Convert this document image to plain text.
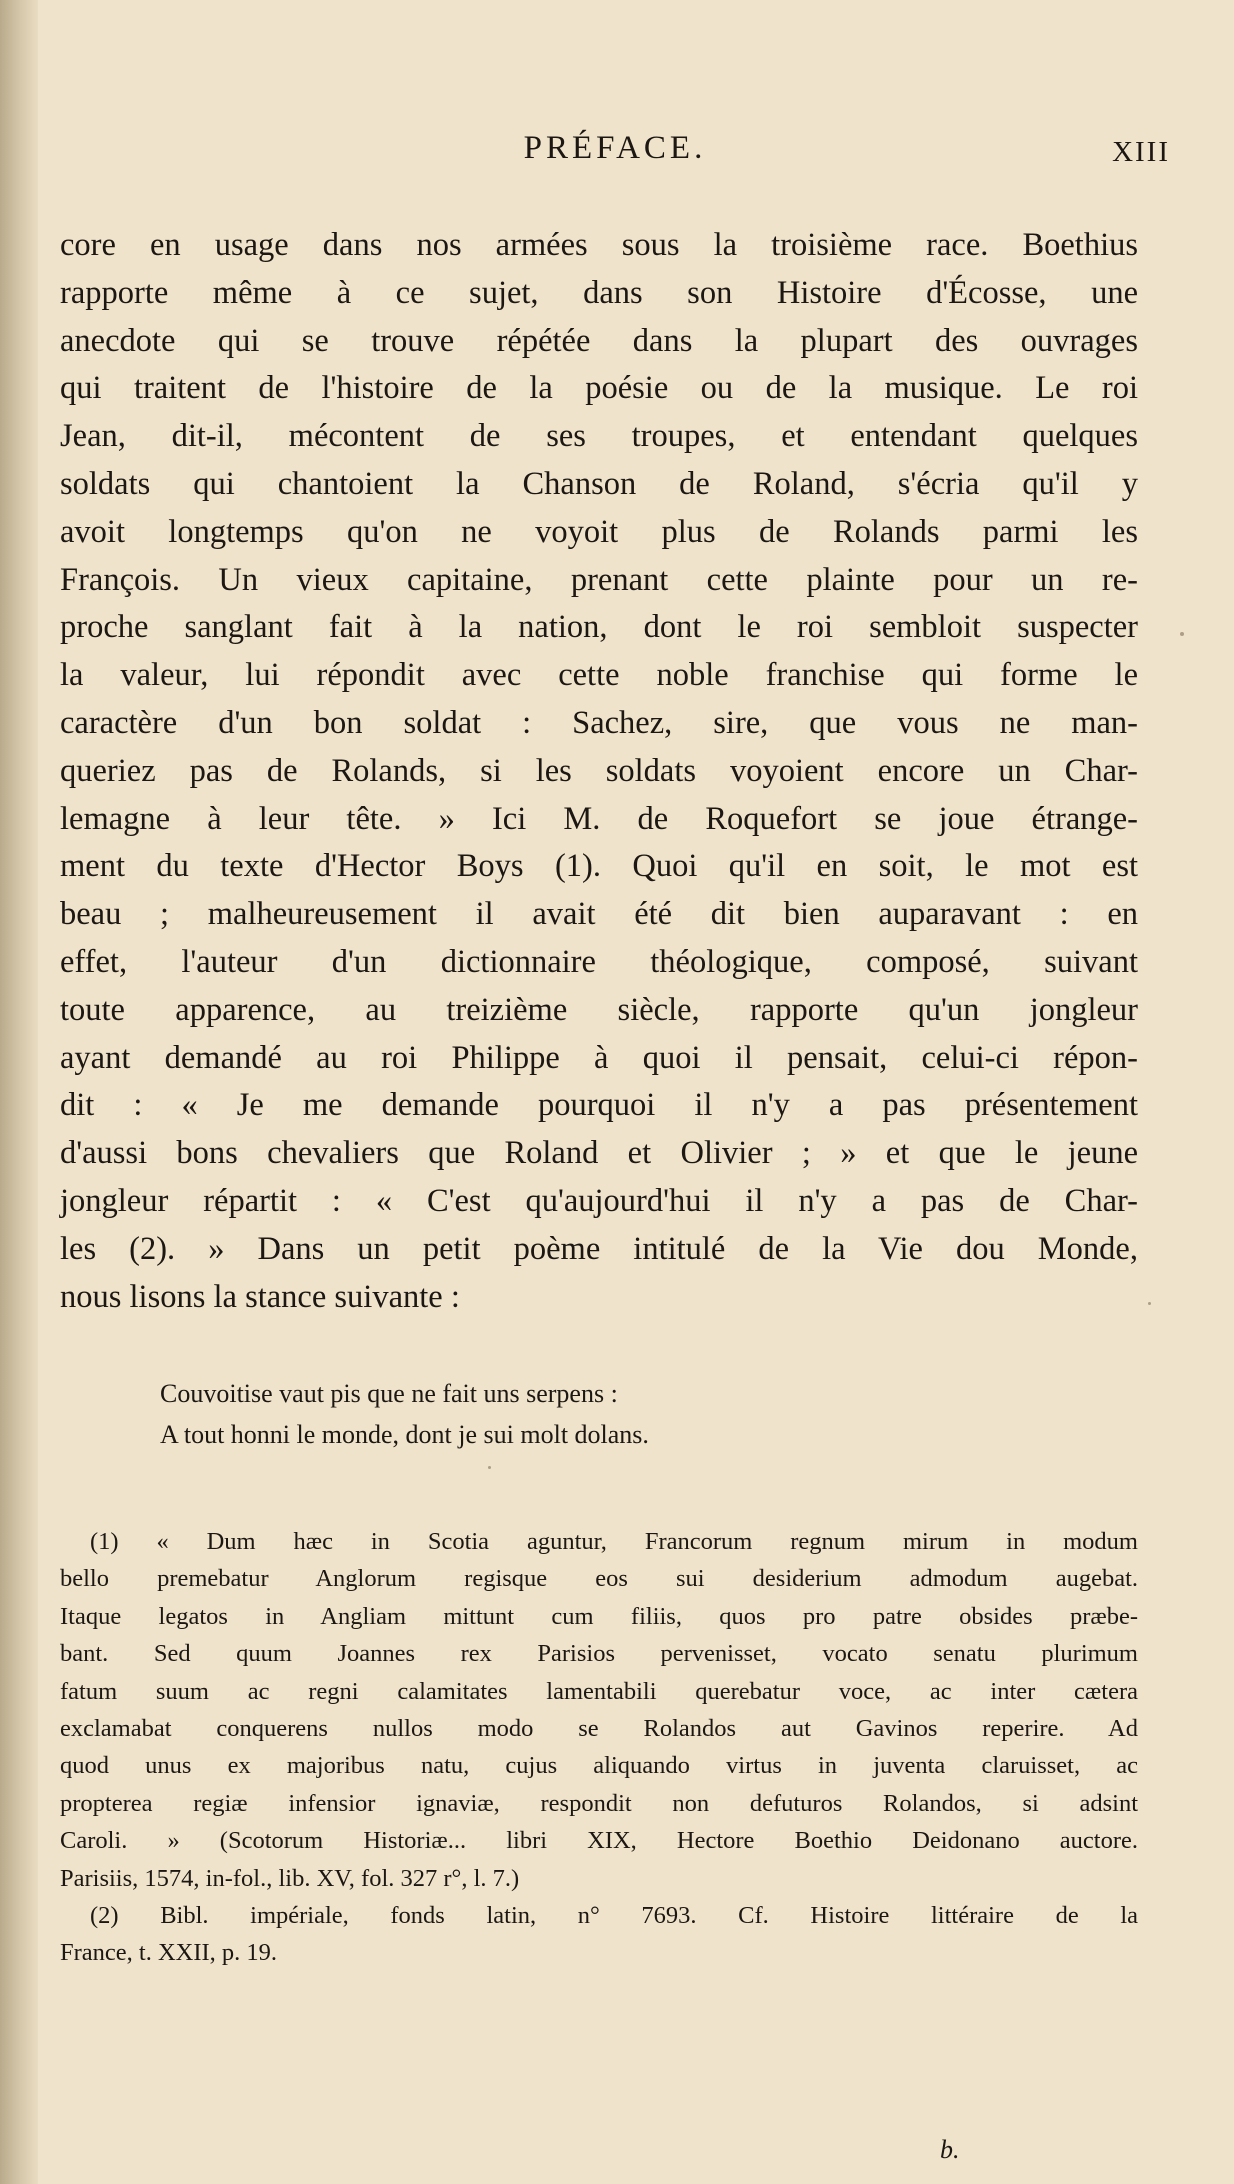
PRÉFACE.	XIII
core en usage dans nos armées sous la troisième race. Boethius
rapporte même à ce sujet, dans son Histoire d'Écosse, une
anecdote qui se trouve répétée dans la plupart des ouvrages
qui traitent de l'histoire de la poésie ou de la musique. Le roi
Jean, dit-il, mécontent de ses troupes, et entendant quelques
soldats qui chantoient la Chanson de Roland, s'écria qu'il y
avoit longtemps qu'on ne voyoit plus de Rolands parmi les
François. Un vieux capitaine, prenant cette plainte pour un re-
proche sanglant fait à la nation, dont le roi sembloit suspecter
la valeur, lui répondit avec cette noble franchise qui forme le
caractère d'un bon soldat : Sachez, sire, que vous ne man-
queriez pas de Rolands, si les soldats voyoient encore un Char-
lemagne à leur tête. » Ici M. de Roquefort se joue étrange-
ment du texte d'Hector Boys (1). Quoi qu'il en soit, le mot est
beau ; malheureusement il avait été dit bien auparavant : en
effet, l'auteur d'un dictionnaire théologique, composé, suivant
toute apparence, au treizième siècle, rapporte qu'un jongleur
ayant demandé au roi Philippe à quoi il pensait, celui-ci répon-
dit : « Je me demande pourquoi il n'y a pas présentement
d'aussi bons chevaliers que Roland et Olivier ; » et que le jeune
jongleur répartit : « C'est qu'aujourd'hui il n'y a pas de Char-
les (2). » Dans un petit poème intitulé de la Vie dou Monde,
nous lisons la stance suivante :
Couvoitise vaut pis que ne fait uns serpens :
A tout honni le monde, dont je sui molt dolans.
(1) « Dum hæc in Scotia aguntur, Francorum regnum mirum in modum
bello premebatur Anglorum regisque eos sui desiderium admodum augebat.
Itaque legatos in Angliam mittunt cum filiis, quos pro patre obsides præbe-
bant. Sed quum Joannes rex Parisios pervenisset, vocato senatu plurimum
fatum suum ac regni calamitates lamentabili querebatur voce, ac inter cætera
exclamabat conquerens nullos modo se Rolandos aut Gavinos reperire. Ad
quod unus ex majoribus natu, cujus aliquando virtus in juventa claruisset, ac
propterea regiæ infensior ignaviæ, respondit non defuturos Rolandos, si adsint
Caroli. » (Scotorum Historiæ... libri XIX, Hectore Boethio Deidonano auctore.
Parisiis, 1574, in-fol., lib. XV, fol. 327 r°, l. 7.)
(2) Bibl. impériale, fonds latin, n° 7693. Cf. Histoire littéraire de la
France, t. XXII, p. 19.
b.
